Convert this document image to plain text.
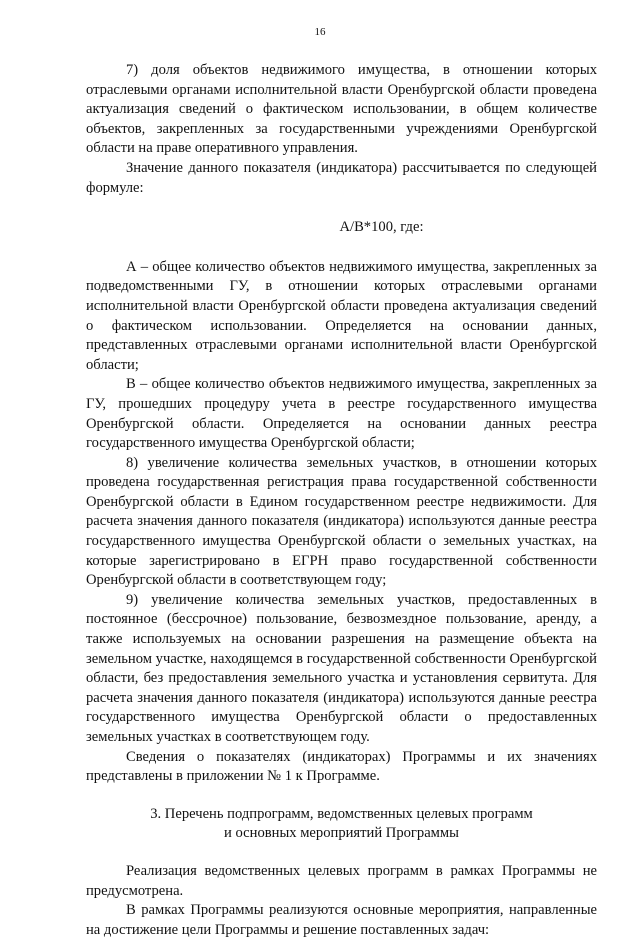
16

7) доля объектов недвижимого имущества, в отношении которых отраслевыми органами исполнительной власти Оренбургской области проведена актуализация сведений о фактическом использовании, в общем количестве объектов, закрепленных за государственными учреждениями Оренбургской области на праве оперативного управления.

Значение данного показателя (индикатора) рассчитывается по следующей формуле:

А/В*100, где:

А – общее количество объектов недвижимого имущества, закрепленных за подведомственными ГУ, в отношении которых отраслевыми органами исполнительной власти Оренбургской области проведена актуализация сведений о фактическом использовании. Определяется на основании данных, представленных отраслевыми органами исполнительной власти Оренбургской области;

В – общее количество объектов недвижимого имущества, закрепленных за ГУ, прошедших процедуру учета в реестре государственного имущества Оренбургской области. Определяется на основании данных реестра государственного имущества Оренбургской области;

8) увеличение количества земельных участков, в отношении которых проведена государственная регистрация права государственной собственности Оренбургской области в Едином государственном реестре недвижимости. Для расчета значения данного показателя (индикатора) используются данные реестра государственного имущества Оренбургской области о земельных участках, на которые зарегистрировано в ЕГРН право государственной собственности Оренбургской области в соответствующем году;

9) увеличение количества земельных участков, предоставленных в постоянное (бессрочное) пользование, безвозмездное пользование, аренду, а также используемых на основании разрешения на размещение объекта на земельном участке, находящемся в государственной собственности Оренбургской области, без предоставления земельного участка и установления сервитута. Для расчета значения данного показателя (индикатора) используются данные реестра государственного имущества Оренбургской области о предоставленных земельных участках в соответствующем году.

Сведения о показателях (индикаторах) Программы и их значениях представлены в приложении № 1 к Программе.

3. Перечень подпрограмм, ведомственных целевых программ
и основных мероприятий Программы

Реализация ведомственных целевых программ в рамках Программы не предусмотрена.

В рамках Программы реализуются основные мероприятия, направленные на достижение цели Программы и решение поставленных задач:
